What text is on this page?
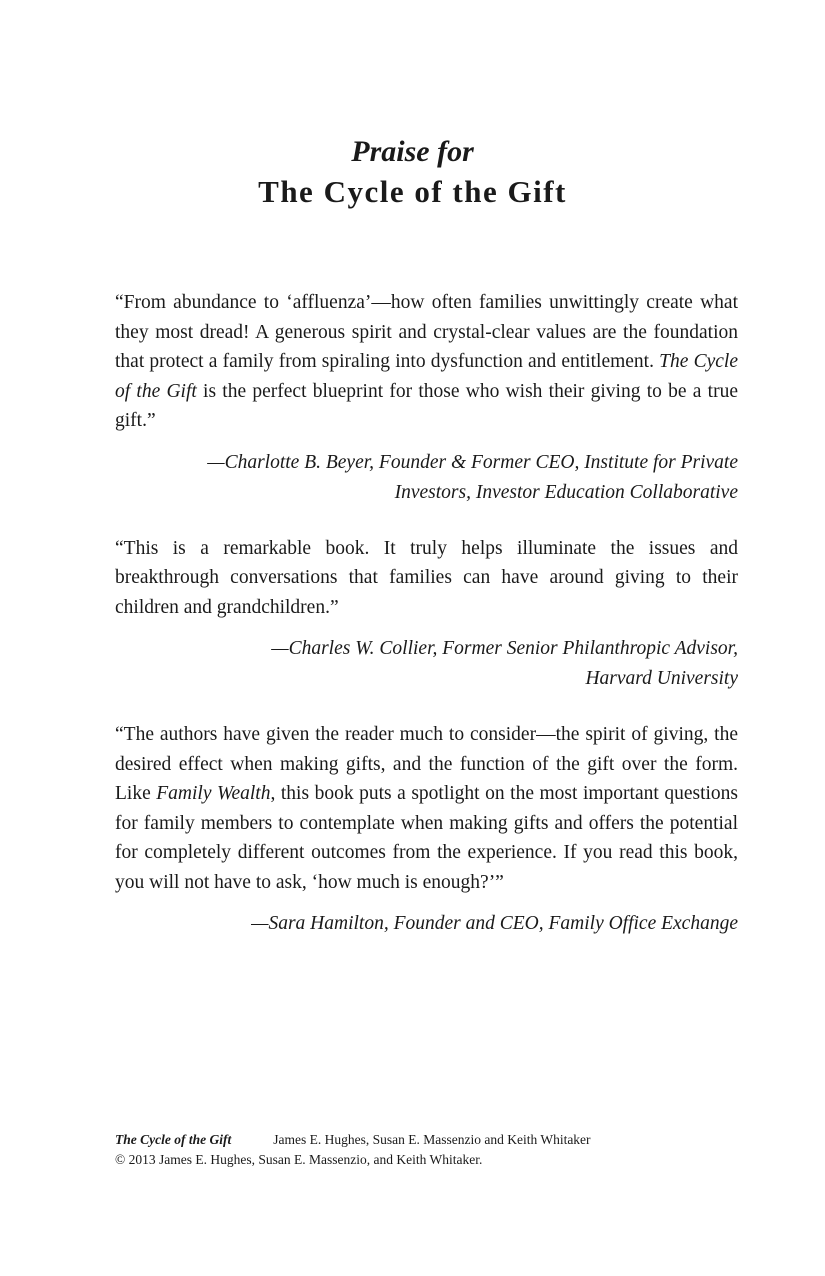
Praise for
The Cycle of the Gift

“From abundance to ‘affluenza’—how often families unwittingly create what they most dread! A generous spirit and crystal-clear values are the foundation that protect a family from spiraling into dysfunction and entitlement. The Cycle of the Gift is the perfect blueprint for those who wish their giving to be a true gift.”

—Charlotte B. Beyer, Founder & Former CEO, Institute for Private Investors, Investor Education Collaborative

“This is a remarkable book. It truly helps illuminate the issues and breakthrough conversations that families can have around giving to their children and grandchildren.”

—Charles W. Collier, Former Senior Philanthropic Advisor, Harvard University

“The authors have given the reader much to consider—the spirit of giving, the desired effect when making gifts, and the function of the gift over the form. Like Family Wealth, this book puts a spotlight on the most important questions for family members to contemplate when making gifts and offers the potential for completely different outcomes from the experience. If you read this book, you will not have to ask, ‘how much is enough?’”

—Sara Hamilton, Founder and CEO, Family Office Exchange

The Cycle of the Gift	James E. Hughes, Susan E. Massenzio and Keith Whitaker
© 2013 James E. Hughes, Susan E. Massenzio, and Keith Whitaker.
